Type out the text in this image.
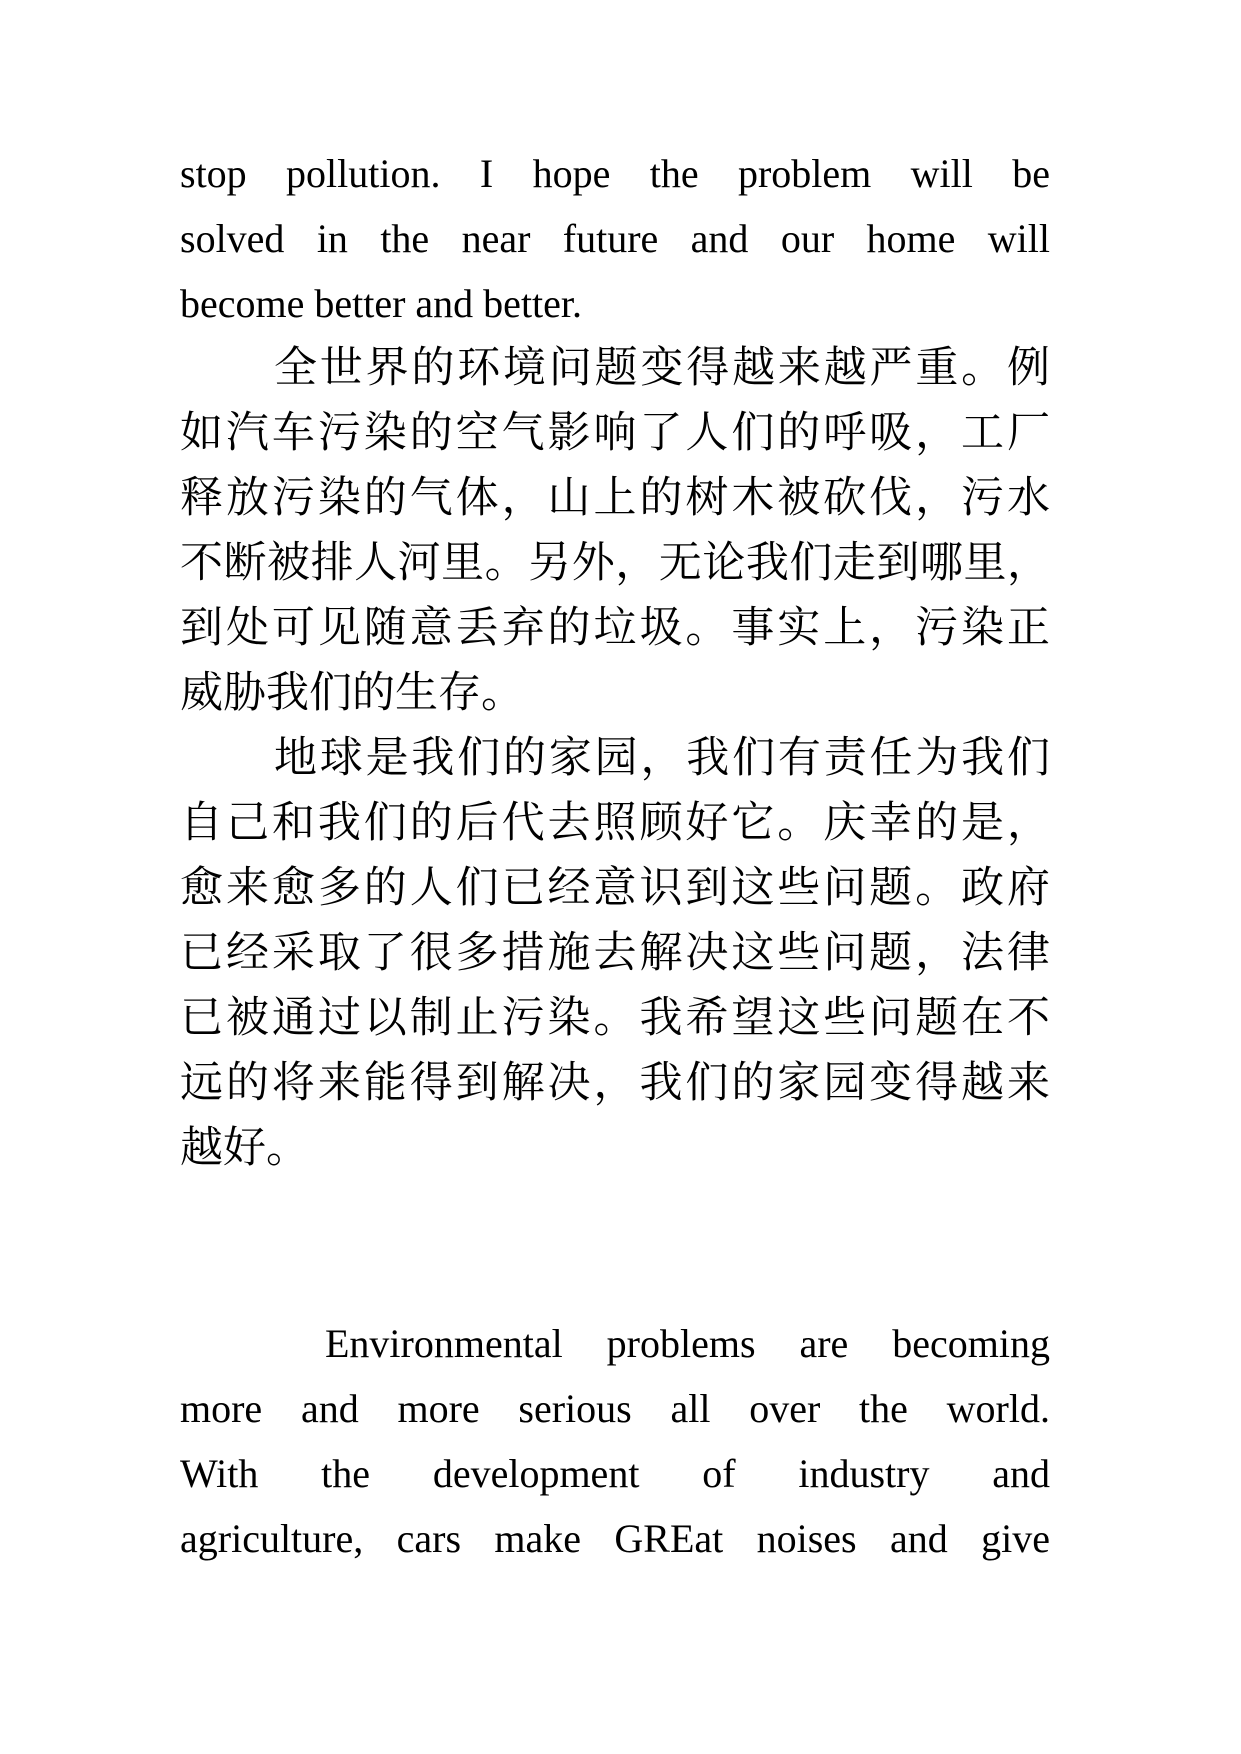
stop pollution. I hope the problem will be
solved in the near future and our home will
become better and better.
全世界的环境问题变得越来越严重。例
如汽车污染的空气影响了人们的呼吸，工厂
释放污染的气体，山上的树木被砍伐，污水
不断被排人河里。另外，无论我们走到哪里，
到处可见随意丢弃的垃圾。事实上，污染正
威胁我们的生存。
地球是我们的家园，我们有责任为我们
自己和我们的后代去照顾好它。庆幸的是，
愈来愈多的人们已经意识到这些问题。政府
已经采取了很多措施去解决这些问题，法律
已被通过以制止污染。我希望这些问题在不
远的将来能得到解决，我们的家园变得越来
越好。
Environmental problems are becoming
more and more serious all over the world.
With the development of industry and
agriculture, cars make GREat noises and give
